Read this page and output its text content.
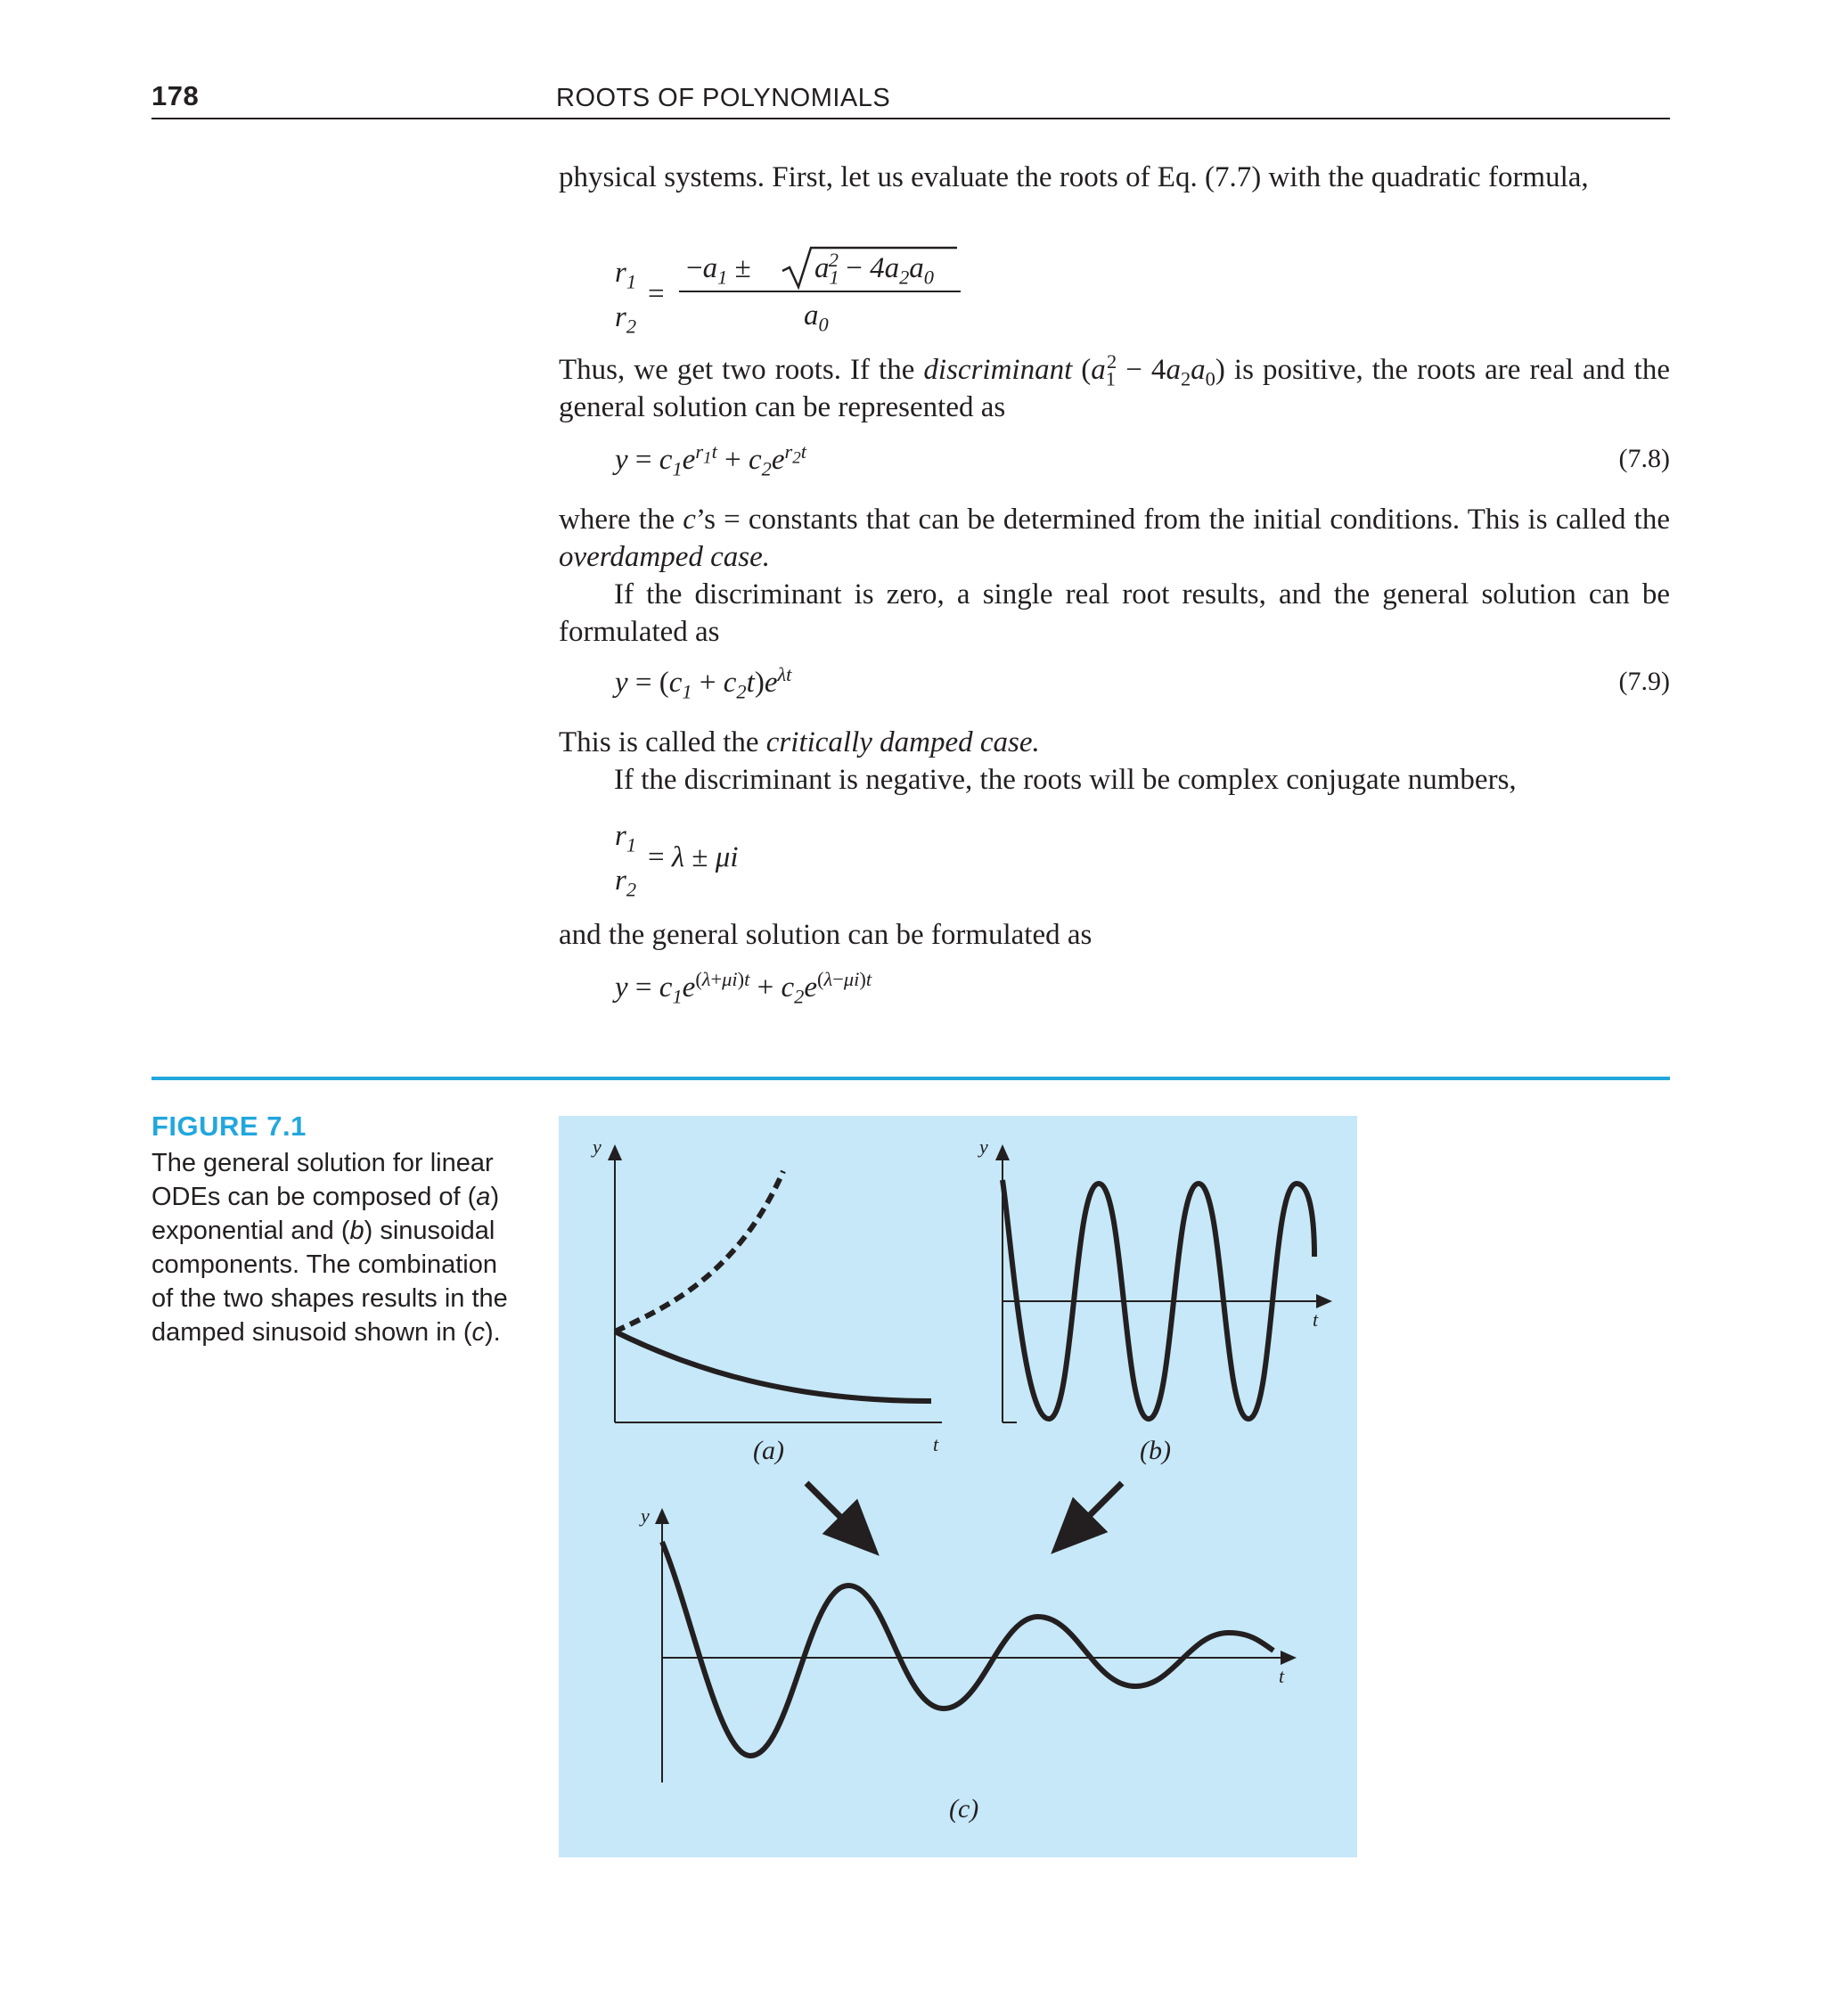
178	ROOTS OF POLYNOMIALS
physical systems. First, let us evaluate the roots of Eq. (7.7) with the quadratic formula,
$r_1$
$r_2$
=
$-a_1 \pm a_1^2 - 4a_2a_0$
$a_0$
Thus, we get two roots. If the discriminant $(a_1^2 - 4a_2a_0)$ is positive, the roots are real and the general solution can be represented as
$y = c_1e^{r_1t} + c_2e^{r_2t}$	(7.8)
where the c’s = constants that can be determined from the initial conditions. This is called the overdamped case.
If the discriminant is zero, a single real root results, and the general solution can be formulated as
$y = (c_1 + c_2t)e^{\lambda t}$	(7.9)
This is called the critically damped case.
If the discriminant is negative, the roots will be complex conjugate numbers,
$r_1$
$r_2$
= λ ± μi
and the general solution can be formulated as
$y = c_1e^{(\lambda+\mu i)t} + c_2e^{(\lambda-\mu i)t}$
FIGURE 7.1
The general solution for linear ODEs can be composed of (a) exponential and (b) sinusoidal components. The combination of the two shapes results in the damped sinusoid shown in (c).
y
t
(a)
y
t
(b)
y
t
(c)
